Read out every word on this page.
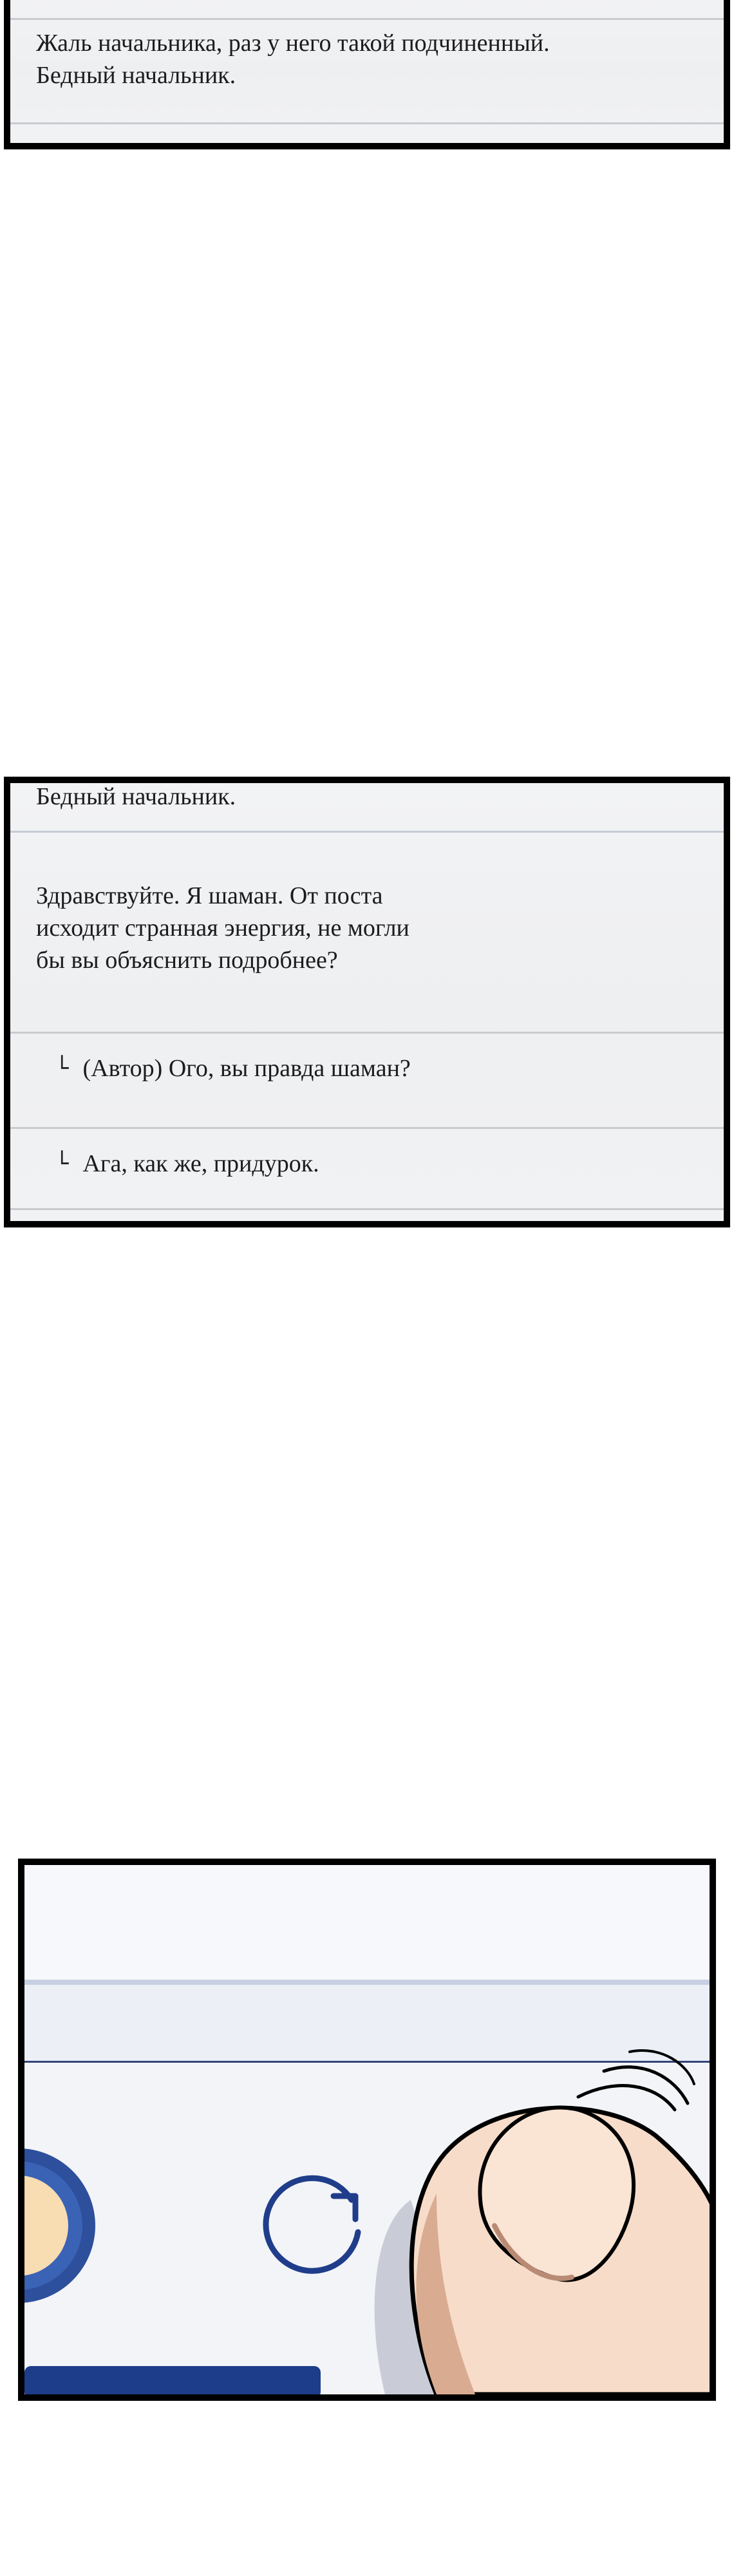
Жаль начальника, раз у него такой подчиненный.
Бедный начальник.
Бедный начальник.
Здравствуйте. Я шаман. От поста
исходит странная энергия, не могли
бы вы объяснить подробнее?
└ (Автор) Ого, вы правда шаман?
└ Ага, как же, придурок.
